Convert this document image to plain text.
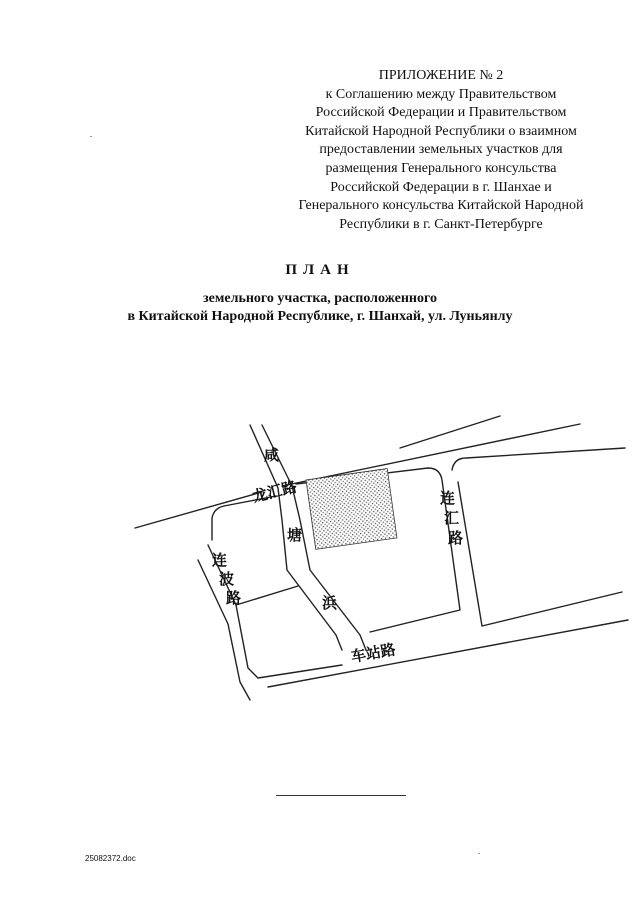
ПРИЛОЖЕНИЕ № 2
к Соглашению между Правительством
Российской Федерации и Правительством
Китайской Народной Республики о взаимном
предоставлении земельных участков для
размещения Генерального консульства
Российской Федерации в г. Шанхае и
Генерального консульства Китайской Народной
Республики в г. Санкт-Петербурге
ПЛАН
земельного участка, расположенного
в Китайской Народной Республике, г. Шанхай, ул. Луньянлу
龙汇路
咸
塘
浜
连
波
路
连
汇
路
车站路
25082372.doc
